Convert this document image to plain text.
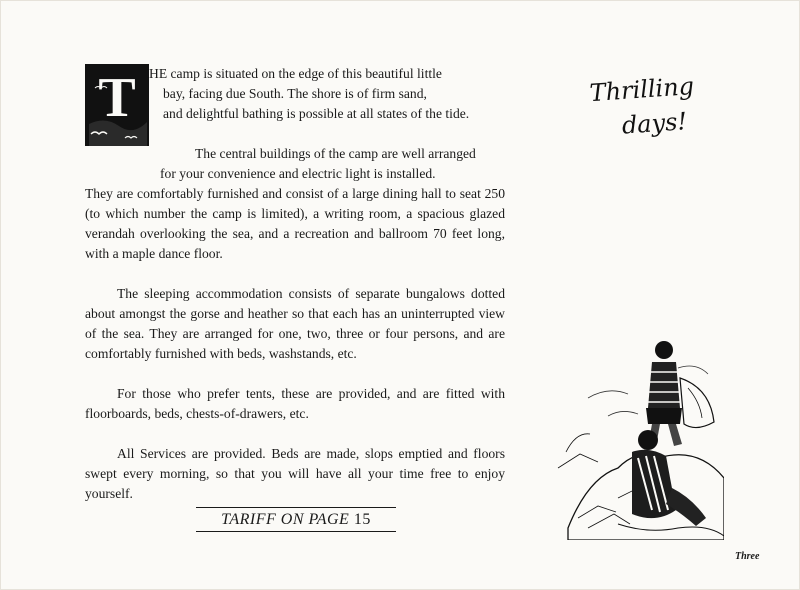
T HE camp is situated on the edge of this beautiful little
bay, facing due South. The shore is of firm sand,
and delightful bathing is possible at all states of the tide.

The central buildings of the camp are well arranged

for your convenience and electric light is installed.

They are comfortably furnished and consist of a large dining hall to seat 250 (to which number the camp is limited), a writing room, a spacious glazed verandah overlooking the sea, and a recreation and ballroom 70 feet long, with a maple dance floor.

The sleeping accommodation consists of separate bungalows dotted about amongst the gorse and heather so that each has an uninterrupted view of the sea. They are arranged for one, two, three or four persons, and are comfortably furnished with beds, washstands, etc.

For those who prefer tents, these are provided, and are fitted with floorboards, beds, chests-of-drawers, etc.

All Services are provided. Beds are made, slops emptied and floors swept every morning, so that you will have all your time free to enjoy yourself.

TARIFF ON PAGE 15
Thrilling
days!
Three
